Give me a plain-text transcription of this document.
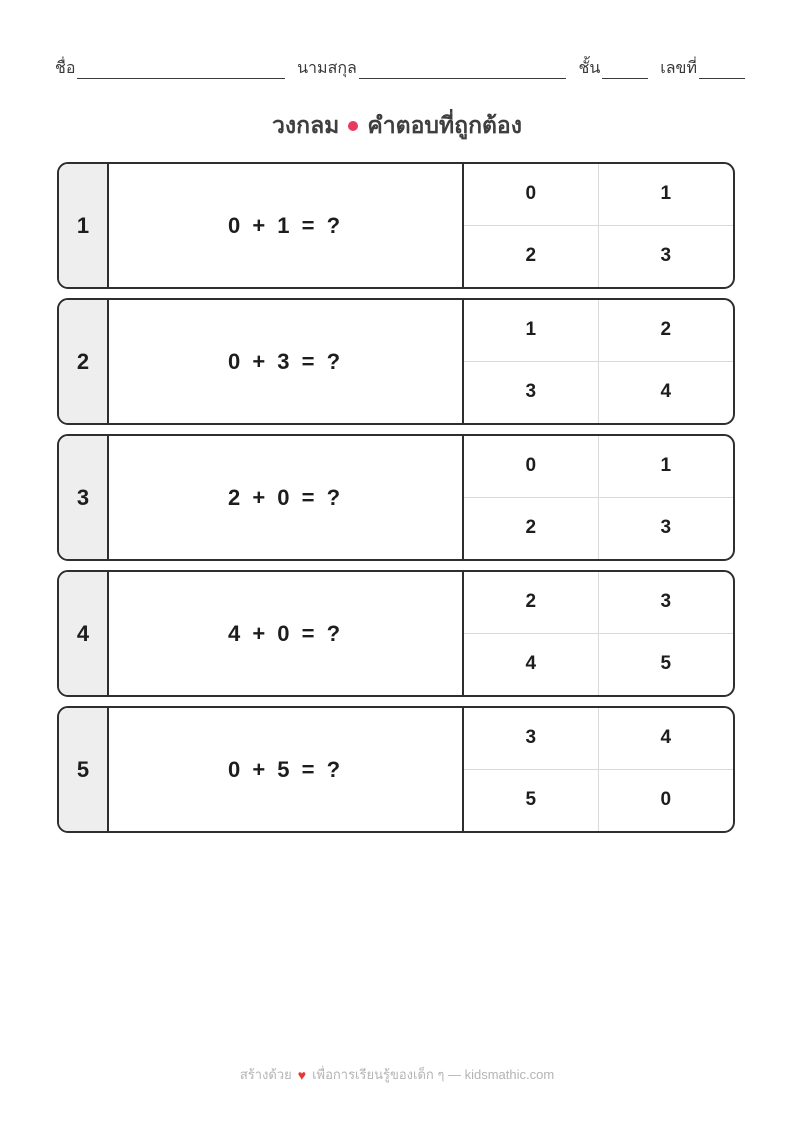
ชื่อ	นามสกุล	ชั้น	เลขที่
วงกลม คำตอบที่ถูกต้อง
1	0 + 1 = ?
0	1
2	3
2	0 + 3 = ?
1	2
3	4
3	2 + 0 = ?
0	1
2	3
4	4 + 0 = ?
2	3
4	5
5	0 + 5 = ?
3	4
5	0
สร้างด้วย ♥ เพื่อการเรียนรู้ของเด็ก ๆ — kidsmathic.com
